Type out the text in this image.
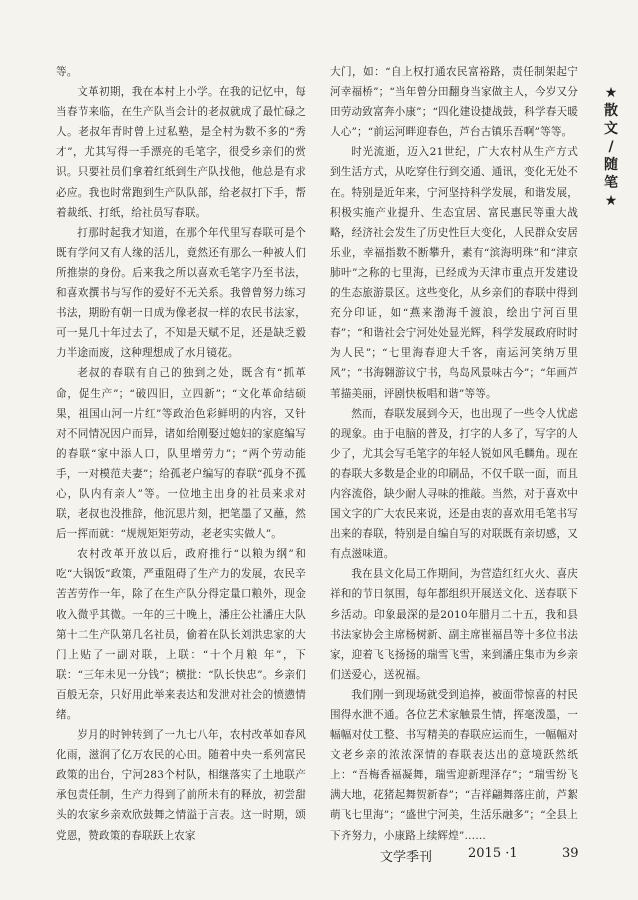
★
散
文
/
随
笔
★

等。

文革初期，我在本村上小学。在我的记忆中，每当春节来临，在生产队当会计的老叔就成了最忙碌之人。老叔年青时曾上过私塾，是全村为数不多的“秀才”，尤其写得一手漂亮的毛笔字，很受乡亲们的赏识。只要社员们拿着红纸到生产队找他，他总是有求必应。我也时常跑到生产队队部，给老叔打下手，帮着裁纸、打纸，给社员写春联。

打那时起我才知道，在那个年代里写春联可是个既有学问又有人缘的活儿，竟然还有那么一种被人们所推崇的身份。后来我之所以喜欢毛笔字乃至书法，和喜欢撰书与写作的爱好不无关系。我曾曾努力练习书法，期盼有朝一日成为像老叔一样的农民书法家，可一晃几十年过去了，不知是天赋不足，还是缺乏毅力半途而废，这种理想成了水月镜花。

老叔的春联有自己的独到之处，既含有“抓革命，促生产”；“破四旧，立四新”；“文化革命结硕果，祖国山河一片红”等政治色彩鲜明的内容，又针对不同情况因户而异，诸如给刚娶过媳妇的家庭编写的春联“家中添人口，队里增劳力”；“两个劳动能手，一对模范夫妻”；给孤老户编写的春联“孤身不孤心，队内有亲人”等。一位地主出身的社员来求对联，老叔也没推辞，他沉思片刻，把笔墨了又蘸，然后一挥而就：“规规矩矩劳动，老老实实做人”。

农村改革开放以后，政府推行“以粮为纲”和吃“大锅饭”政策，严重阻碍了生产力的发展，农民辛苦苦劳作一年，除了在生产队分得定量口粮外，现金收入微乎其微。一年的三十晚上，潘庄公社潘庄大队第十二生产队第几名社员，偷着在队长刘洪忠家的大门上贴了一副对联，上联：“十个月粮 年”，下联：“三年未见一分钱”；横批：“队长快忠”。乡亲们百般无奈，只好用此举来表达和发泄对社会的愤懑情绪。

岁月的时钟转到了一九七八年，农村改革如春风化雨，滋润了亿万农民的心田。随着中央一系列富民政策的出台，宁河283个村队，相继落实了土地联产承包责任制，生产力得到了前所未有的释放，初尝甜头的农家乡亲欢欣鼓舞之情溢于言表。这一时期，颂党恩，赞政策的春联跃上农家

大门，如：“自上权打通农民富裕路，责任制架起宁河幸福桥”；“当年曾分田翻身当家做主人，今岁又分田劳动致富奔小康”；“四化建设捷战鼓，科学春天暖人心”；“前运河畔迎春色，芦台古镇乐吾啊”等等。

时光流逝，迈入21世纪，广大农村从生产方式到生活方式，从吃穿住行到交通、通讯，变化无处不在。特别是近年来，宁河坚持科学发展，和谐发展，积极实施产业提升、生态宜居、富民惠民等重大战略，经济社会发生了历史性巨大变化，人民群众安居乐业，幸福指数不断攀升，素有“滨海明珠”和“津京肺叶”之称的七里海，已经成为天津市重点开发建设的生态旅游景区。这些变化，从乡亲们的春联中得到充分印证，如“燕来渤海千渡浪，绘出宁河百里春”；“和谐社会宁河处处显光辉，科学发展政府时时为人民”；“七里海春迎大千客，南运河笑纳万里风”；“书海翱游议宁书，鸟岛风景味古今”；“年画芦苇描美丽，评剧快板唱和谐”等等。

然而，春联发展到今天，也出现了一些令人忧虑的现象。由于电脑的普及，打字的人多了，写字的人少了，尤其会写毛笔字的年轻人锐如风毛麟角。现在的春联大多数是企业的印刷品，不仅千联一面，而且内容流俗，缺少耐人寻味的推敲。当然，对于喜欢中国文字的广大农民来说，还是由衷的喜欢用毛笔书写出来的春联，特别是自编自写的对联既有亲切感，又有点滋味道。

我在县文化局工作期间，为营造红红火火、喜庆祥和的节日氛围，每年都组织开展送文化、送春联下乡活动。印象最深的是2010年腊月二十五，我和县书法家协会主席杨树新、副主席崔福昌等十多位书法家，迎着飞飞扬扬的瑞雪飞雪，来到潘庄集市为乡亲们送爱心，送祝福。

我们刚一到现场就受到追捧，被面带惊喜的村民围得水泄不通。各位艺术家触景生情，挥毫泼墨，一幅幅对仗工整、书写精美的春联应运而生，一幅幅对文老乡亲的浓浓深情的春联表达出的意境跃然纸上：“吾梅香福凝舞，瑞雪迎新理泽存”；“瑞雪纷飞满大地，花猪起舞贺新春”；“吉祥翩舞落庄前，芦絮萌飞七里海”；“盛世宁河美，生活乐融多”；“全县上下齐努力，小康路上续辉煌”……

文学季刊	2015 ·1	39
